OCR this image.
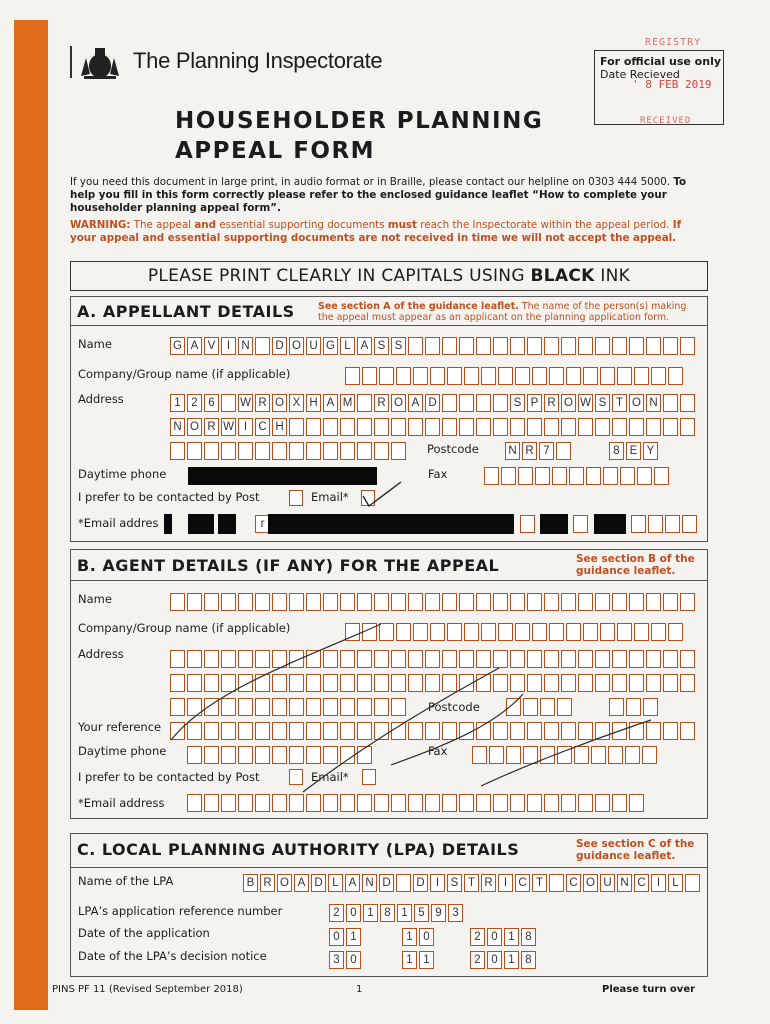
The Planning Inspectorate
HOUSEHOLDER PLANNING
APPEAL FORM
For official use only
Date Recieved
REGISTRY
' 8 FEB 2019
RECEIVED
If you need this document in large print, in audio format or in Braille, please contact our helpline on 0303 444 5000. To help you fill in this form correctly please refer to the enclosed guidance leaflet “How to complete your householder planning appeal form”.
WARNING: The appeal and essential supporting documents must reach the Inspectorate within the appeal period. If your appeal and essential supporting documents are not received in time we will not accept the appeal.
PLEASE PRINT CLEARLY IN CAPITALS USING BLACK INK
A. APPELLANT DETAILS See section A of the guidance leaflet. The name of the person(s) making the appeal must appear as an applicant on the planning application form.
Name	G A V	I N D O U G L A S S
Company/Group name (if applicable)
Address	1 2 6	W R O X H A M R O A D	S P R O W S T O N
N O R W I C H
Postcode	N R 7	8 E Y
Daytime phone	Fax
I prefer to be contacted by Post	Email*
*Email addres	r
B. AGENT DETAILS (IF ANY) FOR THE APPEAL	See section B of the guidance leaflet.
Name
Company/Group name (if applicable)
Address
Postcode
Your reference
Daytime phone	Fax
I prefer to be contacted by Post	Email*
*Email address
C. LOCAL PLANNING AUTHORITY (LPA) DETAILS	See section C of the guidance leaflet.
Name of the LPA	B R O A D L A N D D I	S T R I C T	C O U N C I	L
LPA’s application reference number	2 0 1 8 1 5 9 3
Date of the application	0 1	1 0	2 0 1 8
Date of the LPA’s decision notice	3 0	1 1	2 0 1 8
PINS PF 11 (Revised September 2018)	1	Please turn over
